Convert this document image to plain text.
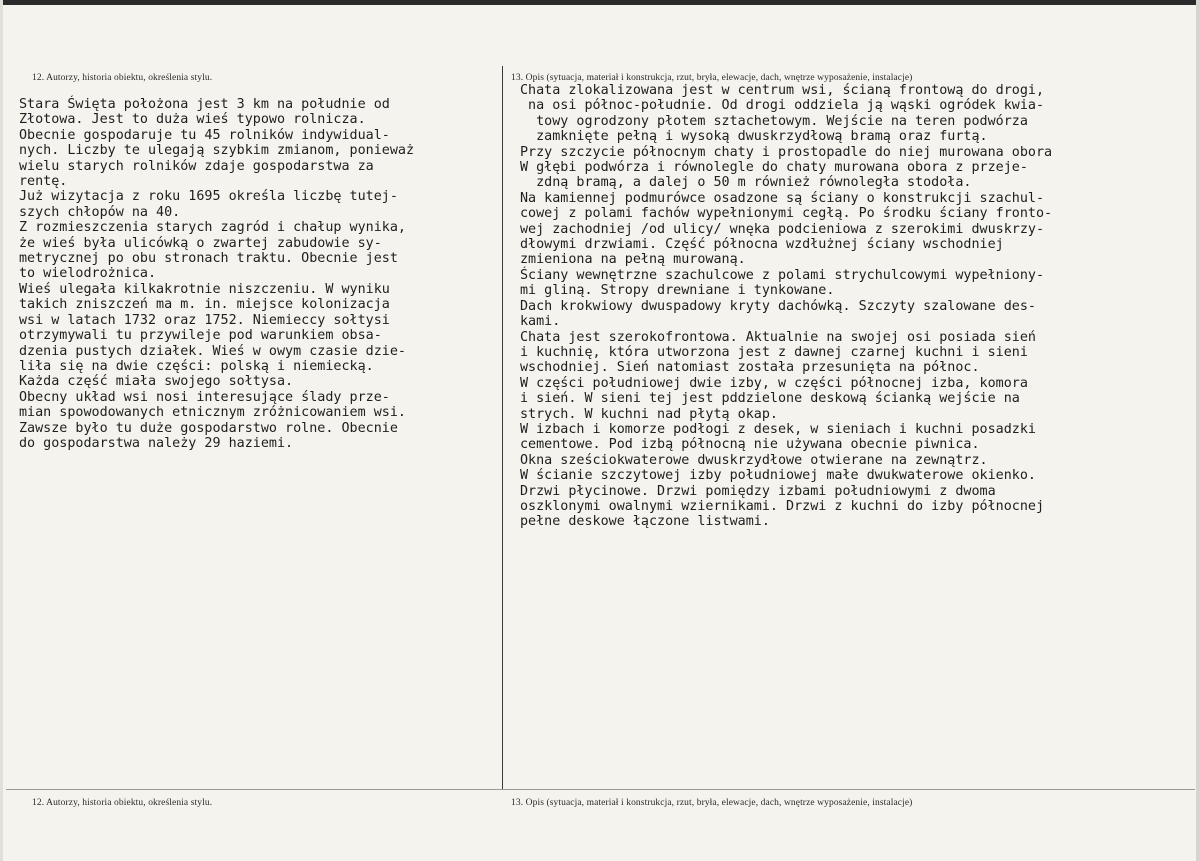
12. Autorzy, historia obiektu, określenia stylu.	13. Opis (sytuacja, materiał i konstrukcja, rzut, bryła, elewacje, dach, wnętrze wyposażenie, instalacje)
Stara Święta położona jest 3 km na południe od
Złotowa. Jest to duża wieś typowo rolnicza.
Obecnie gospodaruje tu 45 rolników indywidual-
nych. Liczby te ulegają szybkim zmianom, ponieważ
wielu starych rolników zdaje gospodarstwa za
rentę.
Już wizytacja z roku 1695 określa liczbę tutej-
szych chłopów na 40.
Z rozmieszczenia starych zagród i chałup wynika,
że wieś była ulicówką o zwartej zabudowie sy-
metrycznej po obu stronach traktu. Obecnie jest
to wielodrożnica.
Wieś ulegała kilkakrotnie niszczeniu. W wyniku
takich zniszczeń ma m. in. miejsce kolonizacja
wsi w latach 1732 oraz 1752. Niemieccy sołtysi
otrzymywali tu przywileje pod warunkiem obsa-
dzenia pustych działek. Wieś w owym czasie dzie-
liła się na dwie części: polską i niemiecką.
Każda część miała swojego sołtysa.
Obecny układ wsi nosi interesujące ślady prze-
mian spowodowanych etnicznym zróżnicowaniem wsi.
Zawsze było tu duże gospodarstwo rolne. Obecnie
do gospodarstwa należy 29 haziemi.
Chata zlokalizowana jest w centrum wsi, ścianą frontową do drogi,
na osi północ-południe. Od drogi oddziela ją wąski ogródek kwia-
towy ogrodzony płotem sztachetowym. Wejście na teren podwórza
zamknięte pełną i wysoką dwuskrzydłową bramą oraz furtą.
Przy szczycie północnym chaty i prostopadle do niej murowana obora
W głębi podwórza i równolegle do chaty murowana obora z przeje-
zdną bramą, a dalej o 50 m również równoległa stodoła.
Na kamiennej podmurówce osadzone są ściany o konstrukcji szachul-
cowej z polami fachów wypełnionymi cegłą. Po środku ściany fronto-
wej zachodniej /od ulicy/ wnęka podcieniowa z szerokimi dwuskrzy-
dłowymi drzwiami. Część północna wzdłużnej ściany wschodniej
zmieniona na pełną murowaną.
Ściany wewnętrzne szachulcowe z polami strychulcowymi wypełniony-
mi gliną. Stropy drewniane i tynkowane.
Dach krokwiowy dwuspadowy kryty dachówką. Szczyty szalowane des-
kami.
Chata jest szerokofrontowa. Aktualnie na swojej osi posiada sień
i kuchnię, która utworzona jest z dawnej czarnej kuchni i sieni
wschodniej. Sień natomiast została przesunięta na północ.
W części południowej dwie izby, w części północnej izba, komora
i sień. W sieni tej jest pddzielone deskową ścianką wejście na
strych. W kuchni nad płytą okap.
W izbach i komorze podłogi z desek, w sieniach i kuchni posadzki
cementowe. Pod izbą północną nie używana obecnie piwnica.
Okna sześciokwaterowe dwuskrzydłowe otwierane na zewnątrz.
W ścianie szczytowej izby południowej małe dwukwaterowe okienko.
Drzwi płycinowe. Drzwi pomiędzy izbami południowymi z dwoma
oszklonymi owalnymi wziernikami. Drzwi z kuchni do izby północnej
pełne deskowe łączone listwami.
12. Autorzy, historia obiektu, określenia stylu.	13. Opis (sytuacja, materiał i konstrukcja, rzut, bryła, elewacje, dach, wnętrze wyposażenie, instalacje)
